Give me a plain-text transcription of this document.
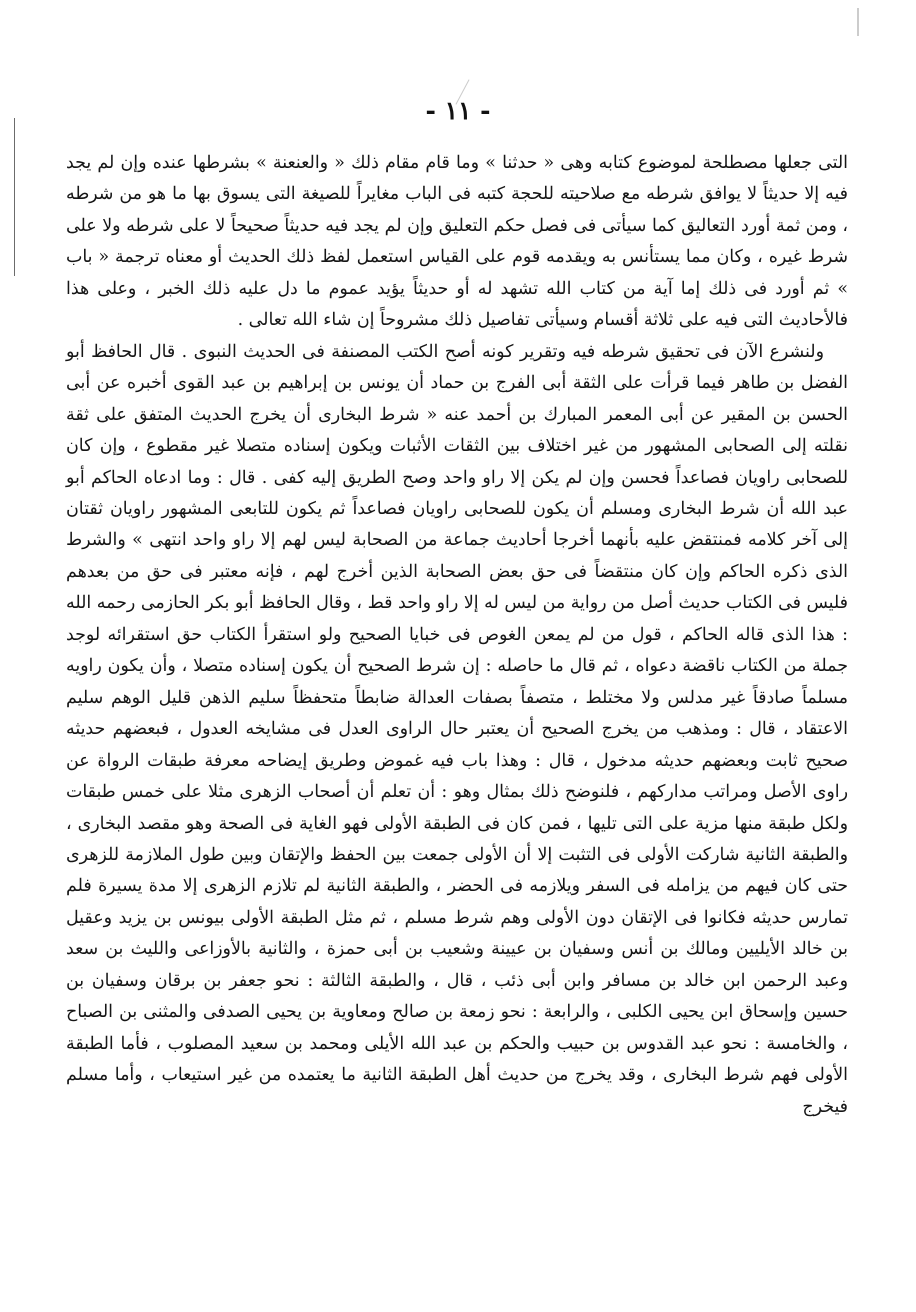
- ١١ -

التى جعلها مصطلحة لموضوع كتابه وهى « حدثنا » وما قام مقام ذلك « والعنعنة » بشرطها عنده وإن لم يجد فيه إلا حديثاً لا يوافق شرطه مع صلاحيته للحجة كتبه فى الباب مغايراً للصيغة التى يسوق بها ما هو من شرطه ، ومن ثمة أورد التعاليق كما سيأتى فى فصل حكم التعليق وإن لم يجد فيه حديثاً صحيحاً لا على شرطه ولا على شرط غيره ، وكان مما يستأنس به ويقدمه قوم على القياس استعمل لفظ ذلك الحديث أو معناه ترجمة « باب » ثم أورد فى ذلك إما آية من كتاب الله تشهد له أو حديثاً يؤيد عموم ما دل عليه ذلك الخبر ، وعلى هذا فالأحاديث التى فيه على ثلاثة أقسام وسيأتى تفاصيل ذلك مشروحاً إن شاء الله تعالى .

ولنشرع الآن فى تحقيق شرطه فيه وتقرير كونه أصح الكتب المصنفة فى الحديث النبوى . قال الحافظ أبو الفضل بن طاهر فيما قرأت على الثقة أبى الفرج بن حماد أن يونس بن إبراهيم بن عبد القوى أخبره عن أبى الحسن بن المقير عن أبى المعمر المبارك بن أحمد عنه « شرط البخارى أن يخرج الحديث المتفق على ثقة نقلته إلى الصحابى المشهور من غير اختلاف بين الثقات الأثبات ويكون إسناده متصلا غير مقطوع ، وإن كان للصحابى راويان فصاعداً فحسن وإن لم يكن إلا راو واحد وصح الطريق إليه كفى . قال : وما ادعاه الحاكم أبو عبد الله أن شرط البخارى ومسلم أن يكون للصحابى راويان فصاعداً ثم يكون للتابعى المشهور راويان ثقتان إلى آخر كلامه فمنتقض عليه بأنهما أخرجا أحاديث جماعة من الصحابة ليس لهم إلا راو واحد انتهى » والشرط الذى ذكره الحاكم وإن كان منتقضاً فى حق بعض الصحابة الذين أخرج لهم ، فإنه معتبر فى حق من بعدهم فليس فى الكتاب حديث أصل من رواية من ليس له إلا راو واحد قط ، وقال الحافظ أبو بكر الحازمى رحمه الله : هذا الذى قاله الحاكم ، قول من لم يمعن الغوص فى خبايا الصحيح ولو استقرأ الكتاب حق استقرائه لوجد جملة من الكتاب ناقضة دعواه ، ثم قال ما حاصله : إن شرط الصحيح أن يكون إسناده متصلا ، وأن يكون راويه مسلماً صادقاً غير مدلس ولا مختلط ، متصفاً بصفات العدالة ضابطاً متحفظاً سليم الذهن قليل الوهم سليم الاعتقاد ، قال : ومذهب من يخرج الصحيح أن يعتبر حال الراوى العدل فى مشايخه العدول ، فبعضهم حديثه صحيح ثابت وبعضهم حديثه مدخول ، قال : وهذا باب فيه غموض وطريق إيضاحه معرفة طبقات الرواة عن راوى الأصل ومراتب مداركهم ، فلنوضح ذلك بمثال وهو : أن تعلم أن أصحاب الزهرى مثلا على خمس طبقات ولكل طبقة منها مزية على التى تليها ، فمن كان فى الطبقة الأولى فهو الغاية فى الصحة وهو مقصد البخارى ، والطبقة الثانية شاركت الأولى فى التثبت إلا أن الأولى جمعت بين الحفظ والإتقان وبين طول الملازمة للزهرى حتى كان فيهم من يزامله فى السفر ويلازمه فى الحضر ، والطبقة الثانية لم تلازم الزهرى إلا مدة يسيرة فلم تمارس حديثه فكانوا فى الإتقان دون الأولى وهم شرط مسلم ، ثم مثل الطبقة الأولى بيونس بن يزيد وعقيل بن خالد الأيليين ومالك بن أنس وسفيان بن عيينة وشعيب بن أبى حمزة ، والثانية بالأوزاعى والليث بن سعد وعبد الرحمن ابن خالد بن مسافر وابن أبى ذئب ، قال ، والطبقة الثالثة : نحو جعفر بن برقان وسفيان بن حسين وإسحاق ابن يحيى الكلبى ، والرابعة : نحو زمعة بن صالح ومعاوية بن يحيى الصدفى والمثنى بن الصباح ، والخامسة : نحو عبد القدوس بن حبيب والحكم بن عبد الله الأيلى ومحمد بن سعيد المصلوب ، فأما الطبقة الأولى فهم شرط البخارى ، وقد يخرج من حديث أهل الطبقة الثانية ما يعتمده من غير استيعاب ، وأما مسلم فيخرج
